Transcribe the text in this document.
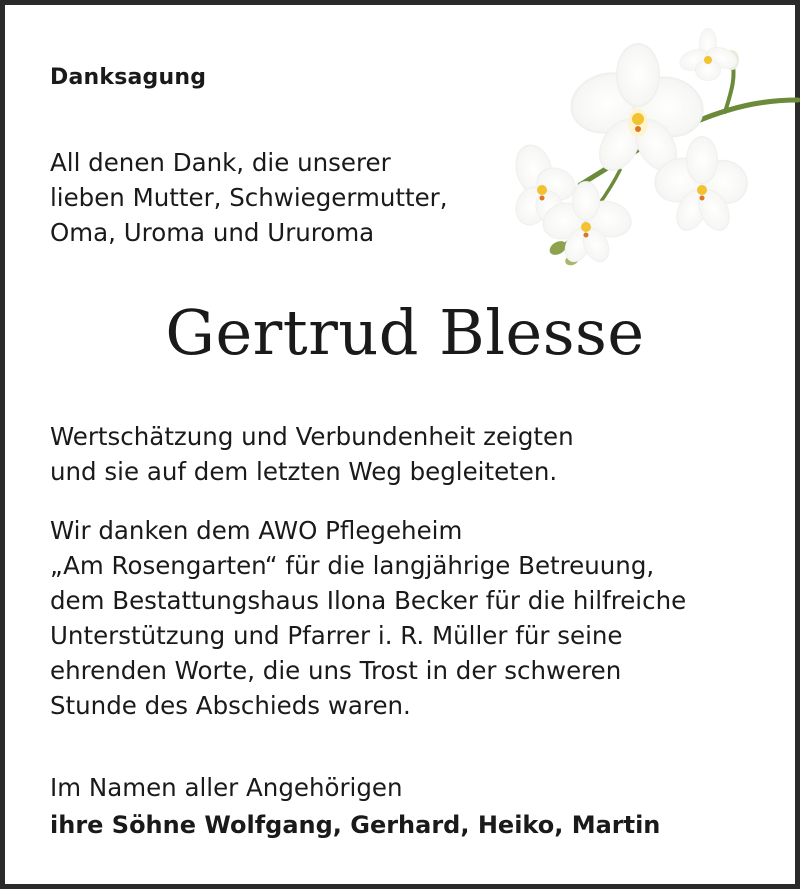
Danksagung
All denen Dank, die unserer
lieben Mutter, Schwiegermutter,
Oma, Uroma und Ururoma
Gertrud Blesse
Wertschätzung und Verbundenheit zeigten
und sie auf dem letzten Weg begleiteten.
Wir danken dem AWO Pflegeheim
„Am Rosengarten“ für die langjährige Betreuung,
dem Bestattungshaus Ilona Becker für die hilfreiche
Unterstützung und Pfarrer i. R. Müller für seine
ehrenden Worte, die uns Trost in der schweren
Stunde des Abschieds waren.
Im Namen aller Angehörigen
ihre Söhne Wolfgang, Gerhard, Heiko, Martin
